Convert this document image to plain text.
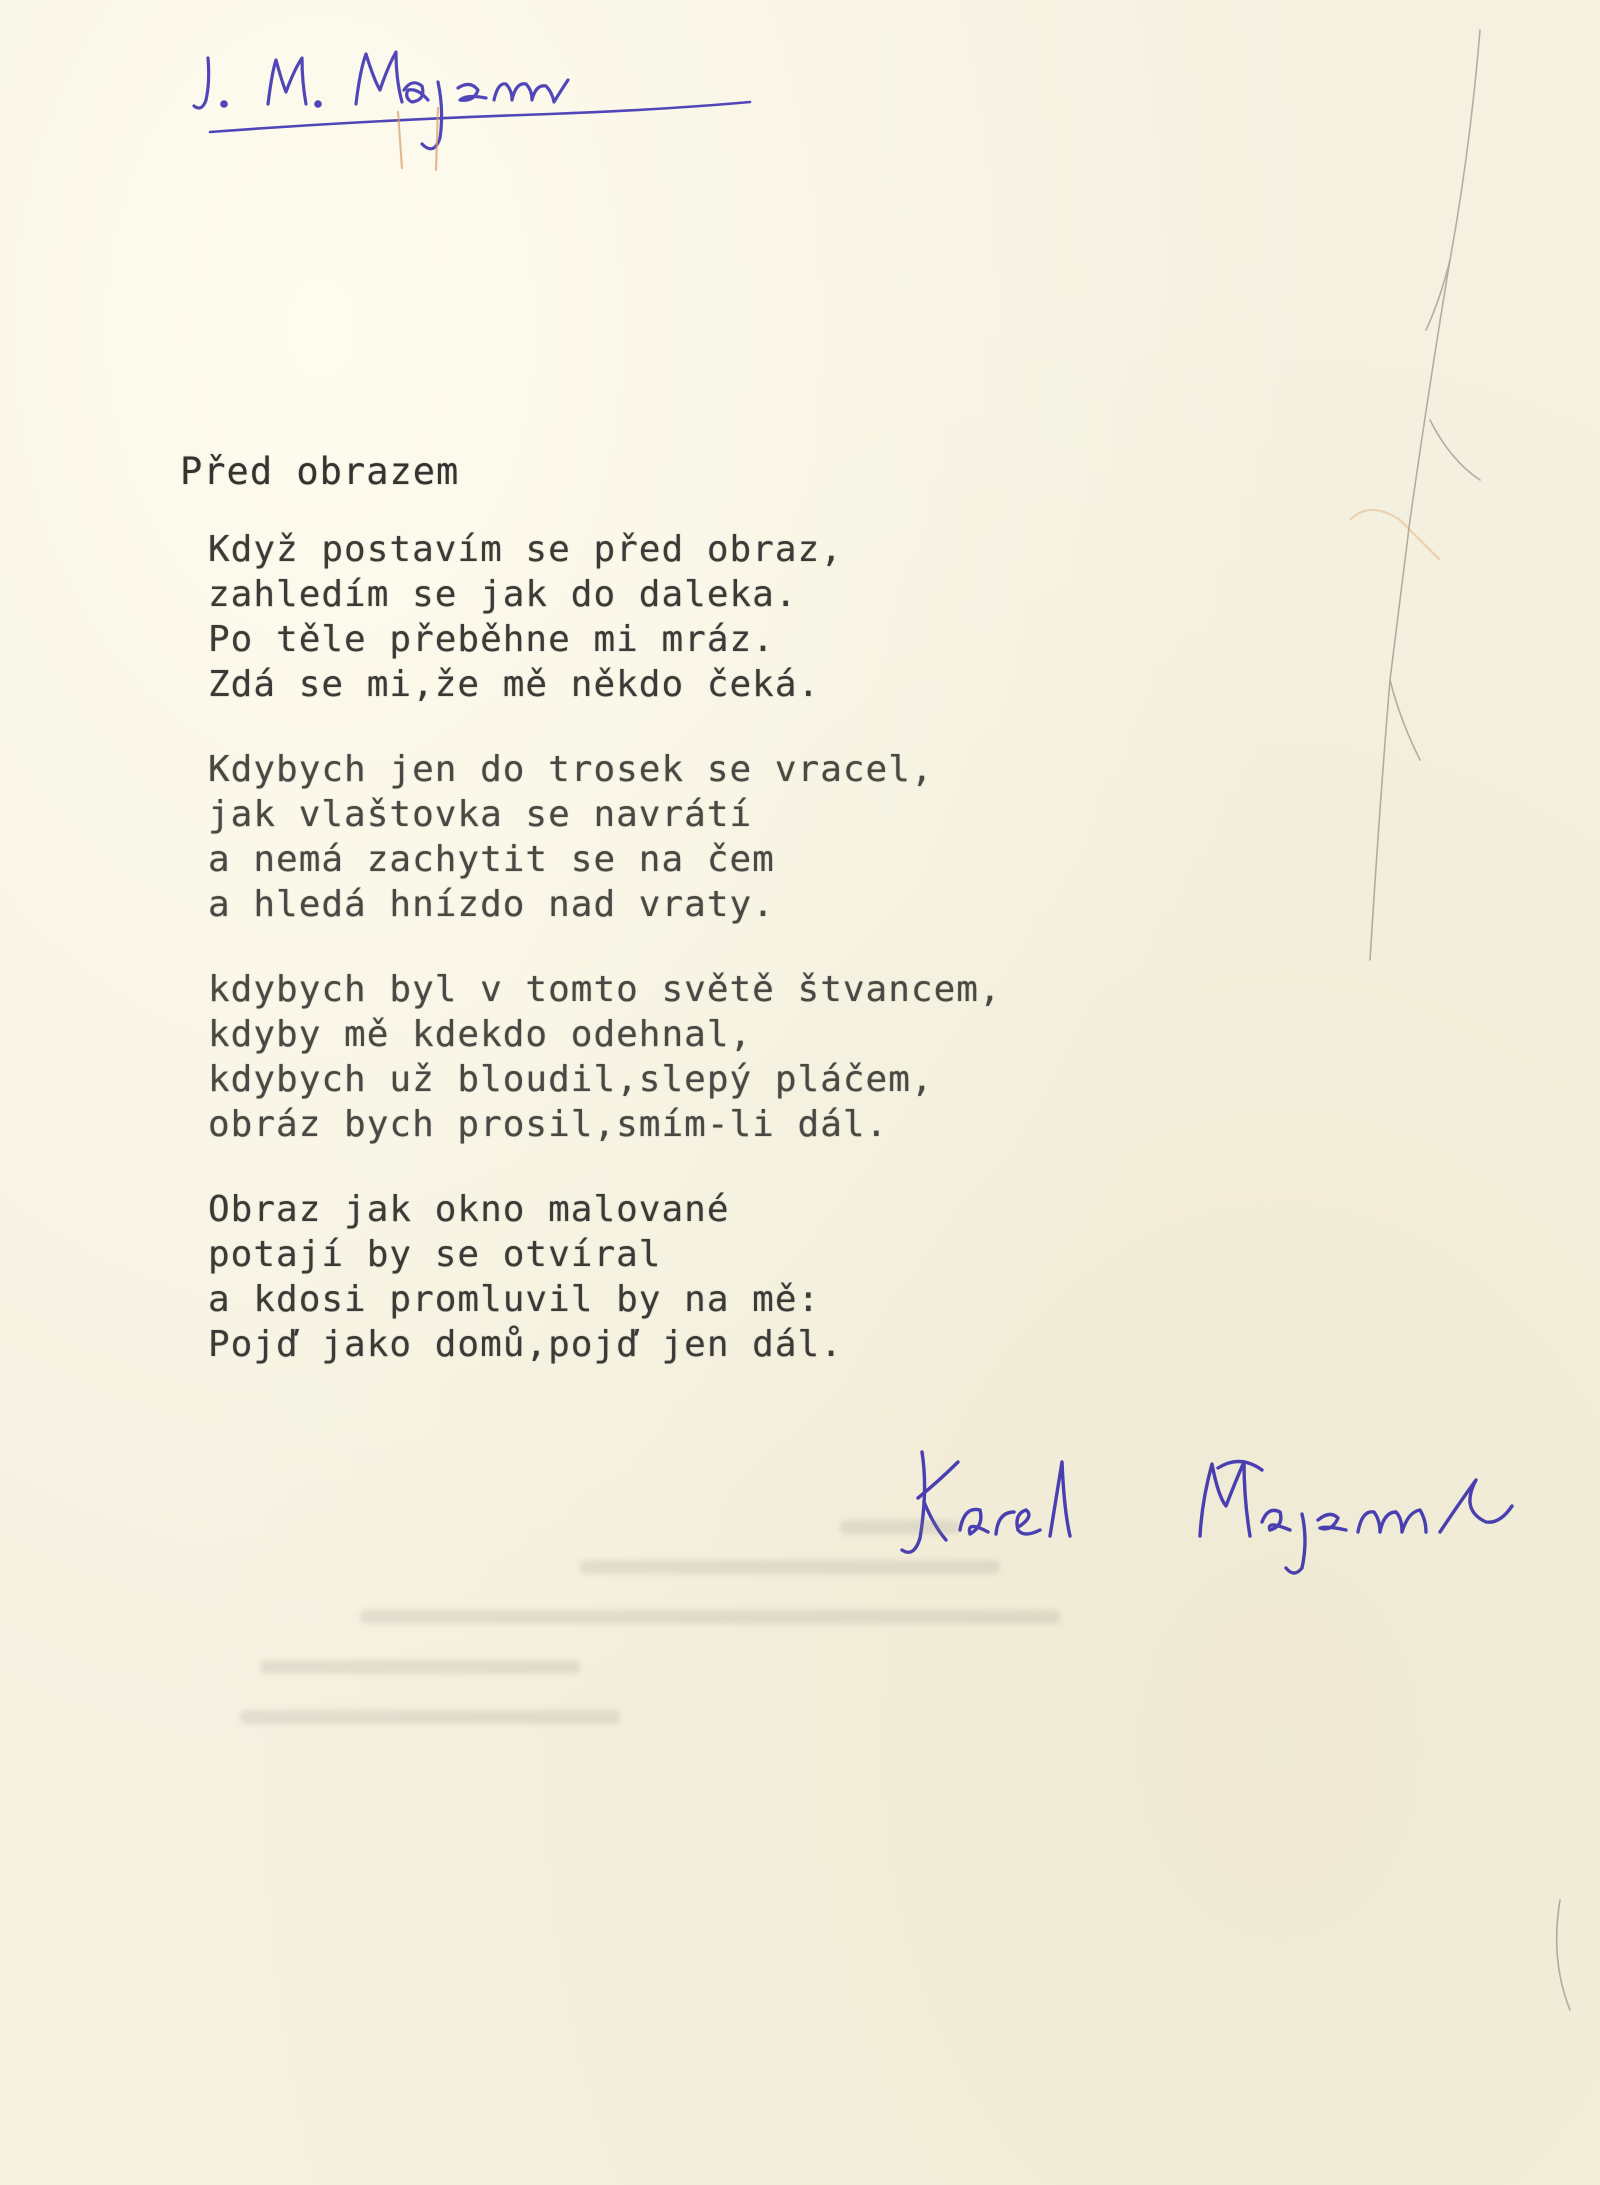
Před obrazem
Když postavím se před obraz,
zahledím se jak do daleka.
Po těle přeběhne mi mráz.
Zdá se mi,že mě někdo čeká.
Kdybych jen do trosek se vracel,
jak vlaštovka se navrátí
a nemá zachytit se na čem
a hledá hnízdo nad vraty.
kdybych byl v tomto světě štvancem,
kdyby mě kdekdo odehnal,
kdybych už bloudil,slepý pláčem,
obráz bych prosil,smím-li dál.
Obraz jak okno malované
potají by se otvíral
a kdosi promluvil by na mě:
Pojď jako domů,pojď jen dál.
